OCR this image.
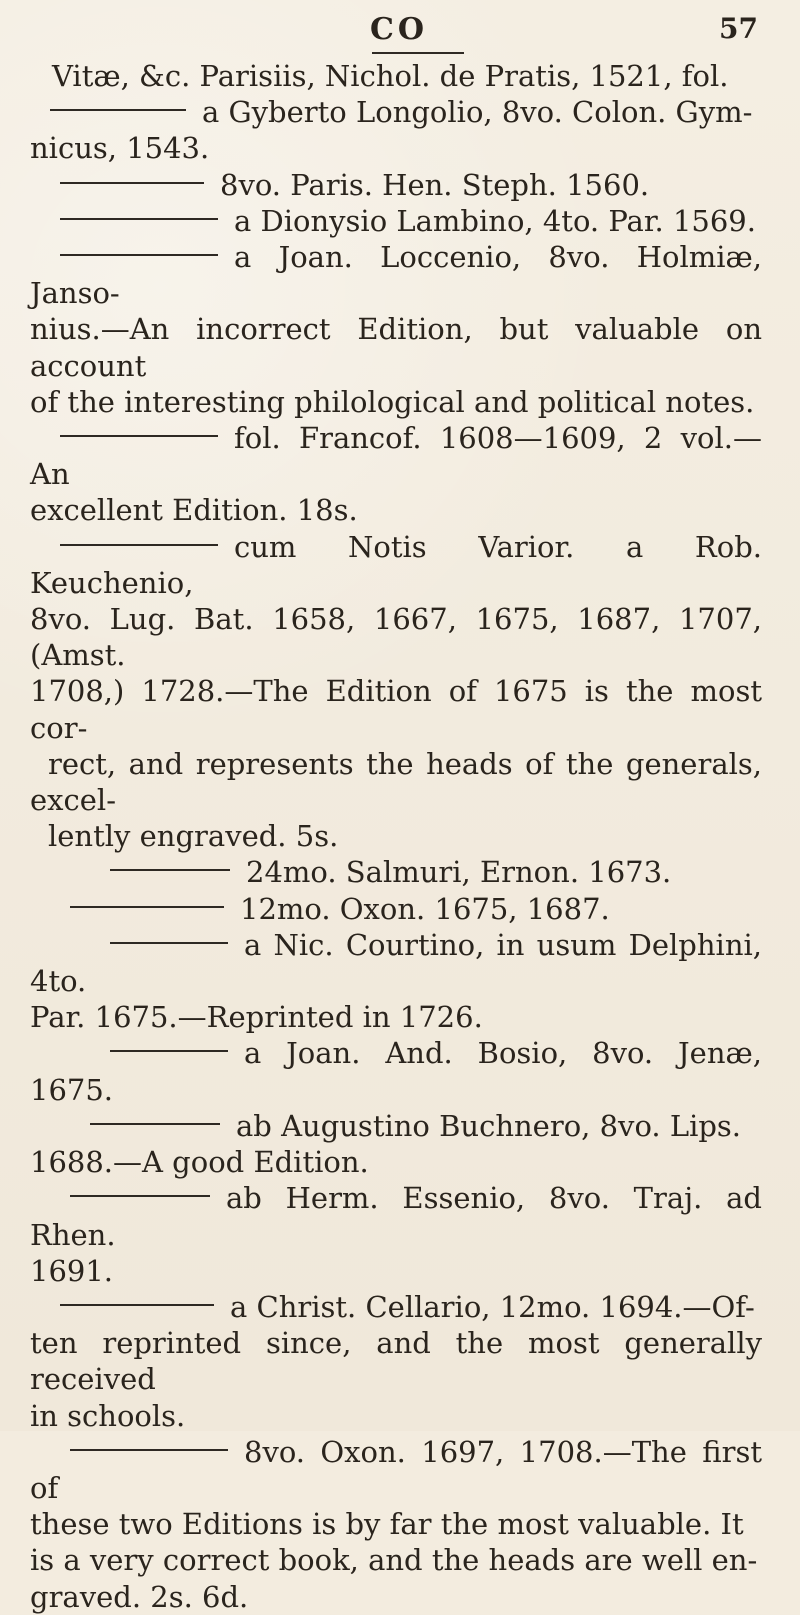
CO	57
Vitæ, &c. Parisiis, Nichol. de Pratis, 1521, fol.
a Gyberto Longolio, 8vo. Colon. Gym-
nicus, 1543.
8vo. Paris. Hen. Steph. 1560.
a Dionysio Lambino, 4to. Par. 1569.
a Joan. Loccenio, 8vo. Holmiæ, Janso-
nius.—An incorrect Edition, but valuable on account
of the interesting philological and political notes.
fol. Francof. 1608—1609, 2 vol.—An
excellent Edition. 18s.
cum Notis Varior. a Rob. Keuchenio,
8vo. Lug. Bat. 1658, 1667, 1675, 1687, 1707, (Amst.
1708,) 1728.—The Edition of 1675 is the most cor-
rect, and represents the heads of the generals, excel-
lently engraved. 5s.
24mo. Salmuri, Ernon. 1673.
12mo. Oxon. 1675, 1687.
a Nic. Courtino, in usum Delphini, 4to.
Par. 1675.—Reprinted in 1726.
a Joan. And. Bosio, 8vo. Jenæ, 1675.
ab Augustino Buchnero, 8vo. Lips.
1688.—A good Edition.
ab Herm. Essenio, 8vo. Traj. ad Rhen.
1691.
a Christ. Cellario, 12mo. 1694.—Of-
ten reprinted since, and the most generally received
in schools.
8vo. Oxon. 1697, 1708.—The first of
these two Editions is by far the most valuable. It
is a very correct book, and the heads are well en-
graved. 2s. 6d.
